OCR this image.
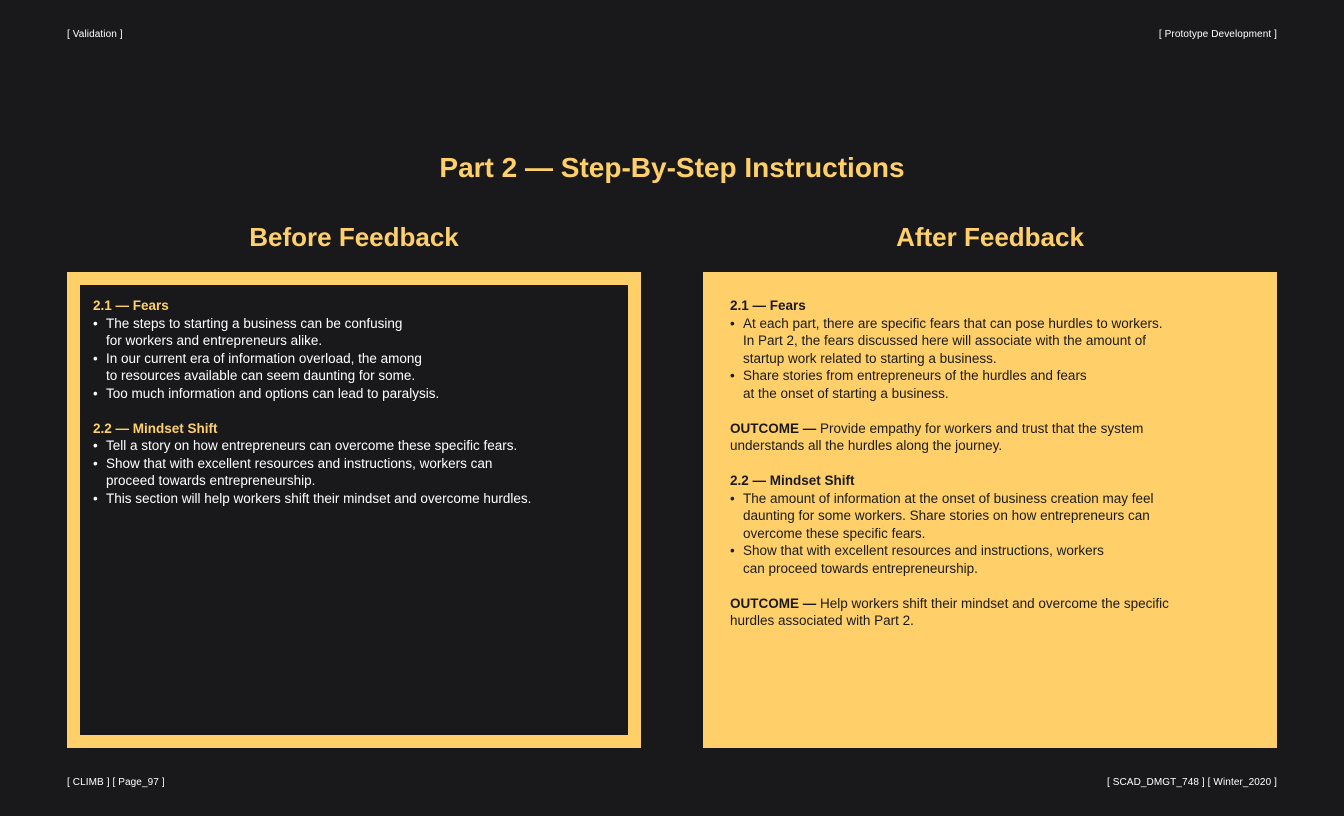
[ Validation ]	[ Prototype Development ]
Part 2 — Step-By-Step Instructions
Before Feedback	After Feedback
2.1 — Fears
• The steps to starting a business can be confusing
for workers and entrepreneurs alike.
• In our current era of information overload, the among
to resources available can seem daunting for some.
• Too much information and options can lead to paralysis.
2.2 — Mindset Shift
• Tell a story on how entrepreneurs can overcome these specific fears.
• Show that with excellent resources and instructions, workers can
proceed towards entrepreneurship.
• This section will help workers shift their mindset and overcome hurdles.
2.1 — Fears
• At each part, there are specific fears that can pose hurdles to workers.
In Part 2, the fears discussed here will associate with the amount of
startup work related to starting a business.
• Share stories from entrepreneurs of the hurdles and fears
at the onset of starting a business.
OUTCOME — Provide empathy for workers and trust that the system
understands all the hurdles along the journey.
2.2 — Mindset Shift
• The amount of information at the onset of business creation may feel
daunting for some workers. Share stories on how entrepreneurs can
overcome these specific fears.
• Show that with excellent resources and instructions, workers
can proceed towards entrepreneurship.
OUTCOME — Help workers shift their mindset and overcome the specific
hurdles associated with Part 2.
[ CLIMB ] [ Page_97 ]	[ SCAD_DMGT_748 ] [ Winter_2020 ]
